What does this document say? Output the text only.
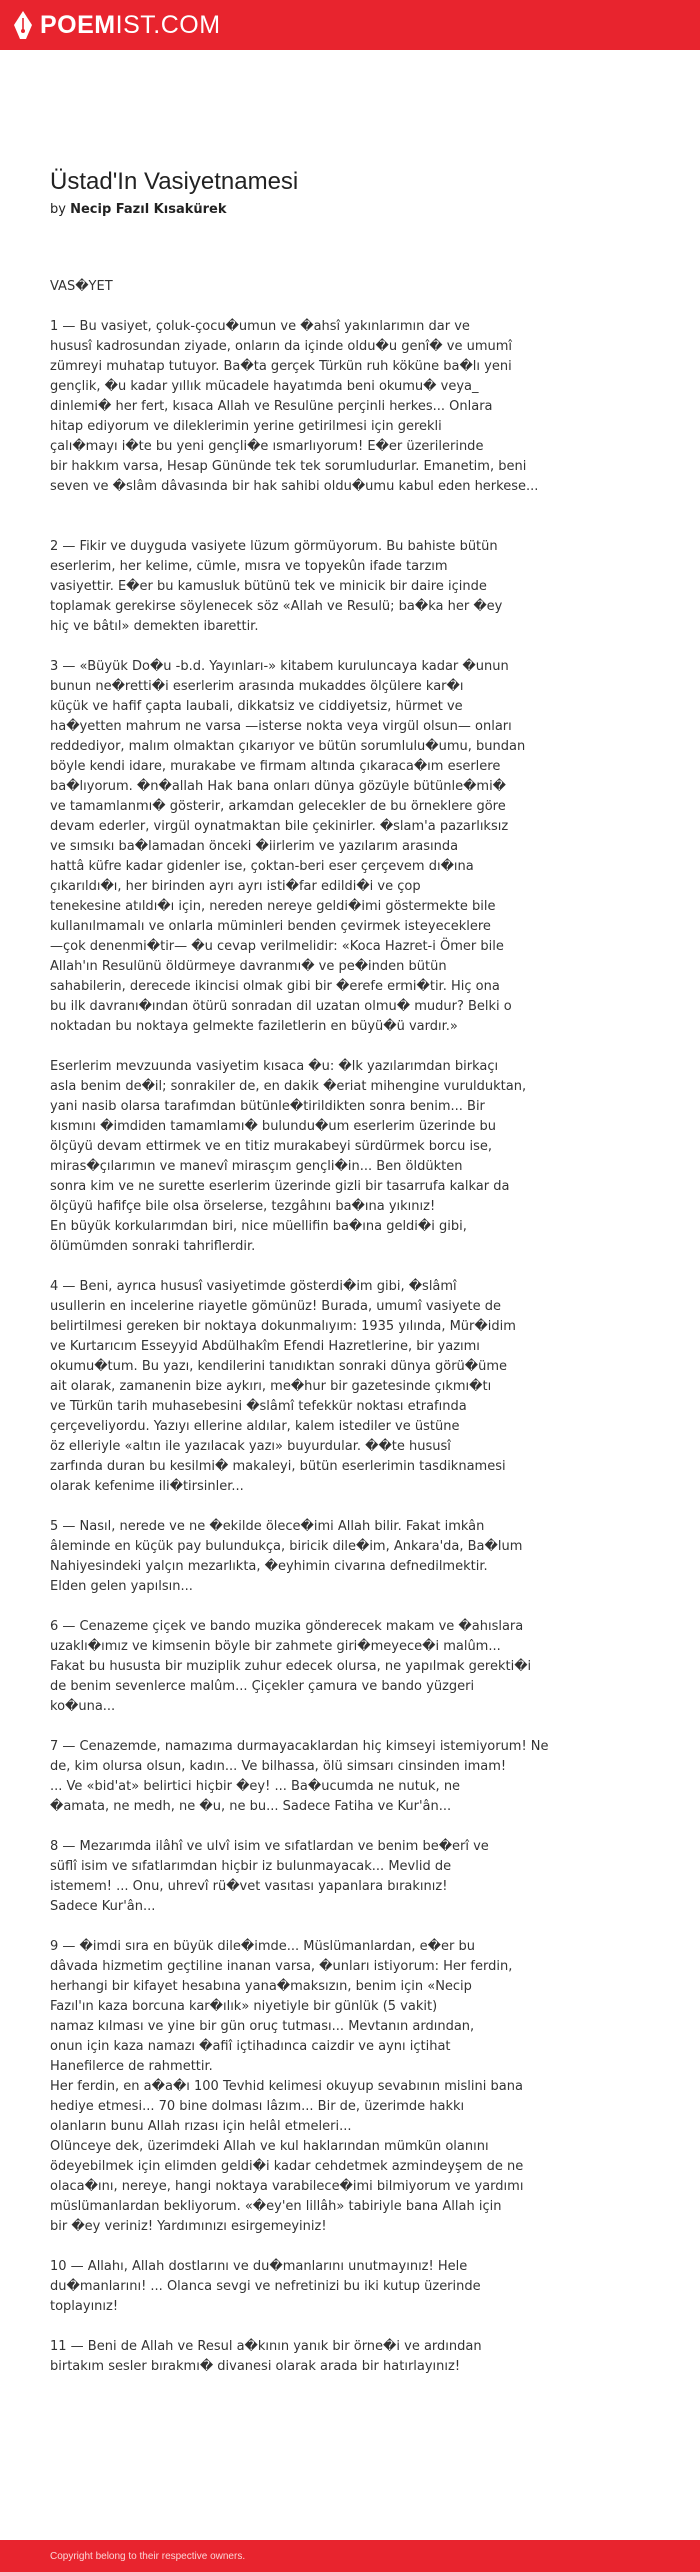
POEMIST.COM
Üstad'In Vasiyetnamesi
by Necip Fazıl Kısakürek

VAS�YET

1 — Bu vasiyet, çoluk-çocu�umun ve �ahsî yakınlarımın dar ve
hususî kadrosundan ziyade, onların da içinde oldu�u genî� ve umumî
zümreyi muhatap tutuyor. Ba�ta gerçek Türkün ruh köküne ba�lı yeni
gençlik, �u kadar yıllık mücadele hayatımda beni okumu� veya_
dinlemi� her fert, kısaca Allah ve Resulüne perçinli herkes... Onlara
hitap ediyorum ve dileklerimin yerine getirilmesi için gerekli
çalı�mayı i�te bu yeni gençli�e ısmarlıyorum! E�er üzerilerinde
bir hakkım varsa, Hesap Gününde tek tek sorumludurlar. Emanetim, beni
seven ve �slâm dâvasında bir hak sahibi oldu�umu kabul eden herkese...

2 — Fikir ve duyguda vasiyete lüzum görmüyorum. Bu bahiste bütün
eserlerim, her kelime, cümle, mısra ve topyekûn ifade tarzım
vasiyettir. E�er bu kamusluk bütünü tek ve minicik bir daire içinde
toplamak gerekirse söylenecek söz «Allah ve Resulü; ba�ka her �ey
hiç ve bâtıl» demekten ibarettir.

3 — «Büyük Do�u -b.d. Yayınları-» kitabem kuruluncaya kadar �unun
bunun ne�retti�i eserlerim arasında mukaddes ölçülere kar�ı
küçük ve hafif çapta laubali, dikkatsiz ve ciddiyetsiz, hürmet ve
ha�yetten mahrum ne varsa —isterse nokta veya virgül olsun— onları
reddediyor, malım olmaktan çıkarıyor ve bütün sorumlulu�umu, bundan
böyle kendi idare, murakabe ve firmam altında çıkaraca�ım eserlere
ba�lıyorum. �n�allah Hak bana onları dünya gözüyle bütünle�mi�
ve tamamlanmı� gösterir, arkamdan gelecekler de bu örneklere göre
devam ederler, virgül oynatmaktan bile çekinirler. �slam'a pazarlıksız
ve sımsıkı ba�lamadan önceki �iirlerim ve yazılarım arasında
hattâ küfre kadar gidenler ise, çoktan-beri eser çerçevem dı�ına
çıkarıldı�ı, her birinden ayrı ayrı isti�far edildi�i ve çop
tenekesine atıldı�ı için, nereden nereye geldi�imi göstermekte bile
kullanılmamalı ve onlarla müminleri benden çevirmek isteyeceklere
—çok denenmi�tir— �u cevap verilmelidir: «Koca Hazret-i Ömer bile
Allah'ın Resulünü öldürmeye davranmı� ve pe�inden bütün
sahabilerin, derecede ikincisi olmak gibi bir �erefe ermi�tir. Hiç ona
bu ilk davranı�ından ötürü sonradan dil uzatan olmu� mudur? Belki o
noktadan bu noktaya gelmekte faziletlerin en büyü�ü vardır.»

Eserlerim mevzuunda vasiyetim kısaca �u: �lk yazılarımdan birkaçı
asla benim de�il; sonrakiler de, en dakik �eriat mihengine vurulduktan,
yani nasib olarsa tarafımdan bütünle�tirildikten sonra benim... Bir
kısmını �imdiden tamamlamı� bulundu�um eserlerim üzerinde bu
ölçüyü devam ettirmek ve en titiz murakabeyi sürdürmek borcu ise,
miras�çılarımın ve manevî mirasçım gençli�in... Ben öldükten
sonra kim ve ne surette eserlerim üzerinde gizli bir tasarrufa kalkar da
ölçüyü hafifçe bile olsa örselerse, tezgâhını ba�ına yıkınız!
En büyük korkularımdan biri, nice müellifin ba�ına geldi�i gibi,
ölümümden sonraki tahriflerdir.

4 — Beni, ayrıca hususî vasiyetimde gösterdi�im gibi, �slâmî
usullerin en incelerine riayetle gömünüz! Burada, umumî vasiyete de
belirtilmesi gereken bir noktaya dokunmalıyım: 1935 yılında, Mür�idim
ve Kurtarıcım Esseyyid Abdülhakîm Efendi Hazretlerine, bir yazımı
okumu�tum. Bu yazı, kendilerini tanıdıktan sonraki dünya görü�üme
ait olarak, zamanenin bize aykırı, me�hur bir gazetesinde çıkmı�tı
ve Türkün tarih muhasebesini �slâmî tefekkür noktası etrafında
çerçeveliyordu. Yazıyı ellerine aldılar, kalem istediler ve üstüne
öz elleriyle «altın ile yazılacak yazı» buyurdular. ��te hususî
zarfında duran bu kesilmi� makaleyi, bütün eserlerimin tasdiknamesi
olarak kefenime ili�tirsinler...

5 — Nasıl, nerede ve ne �ekilde ölece�imi Allah bilir. Fakat imkân
âleminde en küçük pay bulundukça, biricik dile�im, Ankara'da, Ba�lum
Nahiyesindeki yalçın mezarlıkta, �eyhimin civarına defnedilmektir.
Elden gelen yapılsın...

6 — Cenazeme çiçek ve bando muzika gönderecek makam ve �ahıslara
uzaklı�ımız ve kimsenin böyle bir zahmete giri�meyece�i malûm...
Fakat bu hususta bir muziplik zuhur edecek olursa, ne yapılmak gerekti�i
de benim sevenlerce malûm... Çiçekler çamura ve bando yüzgeri
ko�una...

7 — Cenazemde, namazıma durmayacaklardan hiç kimseyi istemiyorum! Ne
de, kim olursa olsun, kadın... Ve bilhassa, ölü simsarı cinsinden imam!
... Ve «bid'at» belirtici hiçbir �ey! ... Ba�ucumda ne nutuk, ne
�amata, ne medh, ne �u, ne bu... Sadece Fatiha ve Kur'ân...

8 — Mezarımda ilâhî ve ulvî isim ve sıfatlardan ve benim be�erî ve
süflî isim ve sıfatlarımdan hiçbir iz bulunmayacak... Mevlid de
istemem! ... Onu, uhrevî rü�vet vasıtası yapanlara bırakınız!
Sadece Kur'ân...

9 — �imdi sıra en büyük dile�imde... Müslümanlardan, e�er bu
dâvada hizmetim geçtiline inanan varsa, �unları istiyorum: Her ferdin,
herhangi bir kifayet hesabına yana�maksızın, benim için «Necip
Fazıl'ın kaza borcuna kar�ılık» niyetiyle bir günlük (5 vakit)
namaz kılması ve yine bir gün oruç tutması... Mevtanın ardından,
onun için kaza namazı �afiî içtihadınca caizdir ve aynı içtihat
Hanefilerce de rahmettir.
Her ferdin, en a�a�ı 100 Tevhid kelimesi okuyup sevabının mislini bana
hediye etmesi... 70 bine dolması lâzım... Bir de, üzerimde hakkı
olanların bunu Allah rızası için helâl etmeleri...
Olünceye dek, üzerimdeki Allah ve kul haklarından mümkün olanını
ödeyebilmek için elimden geldi�i kadar cehdetmek azmindeyşem de ne
olaca�ını, nereye, hangi noktaya varabilece�imi bilmiyorum ve yardımı
müslümanlardan bekliyorum. «�ey'en lillâh» tabiriyle bana Allah için
bir �ey veriniz! Yardımınızı esirgemeyiniz!

10 — Allahı, Allah dostlarını ve du�manlarını unutmayınız! Hele
du�manlarını! ... Olanca sevgi ve nefretinizi bu iki kutup üzerinde
toplayınız!

11 — Beni de Allah ve Resul a�kının yanık bir örne�i ve ardından
birtakım sesler bırakmı� divanesi olarak arada bir hatırlayınız!

Copyright belong to their respective owners.
